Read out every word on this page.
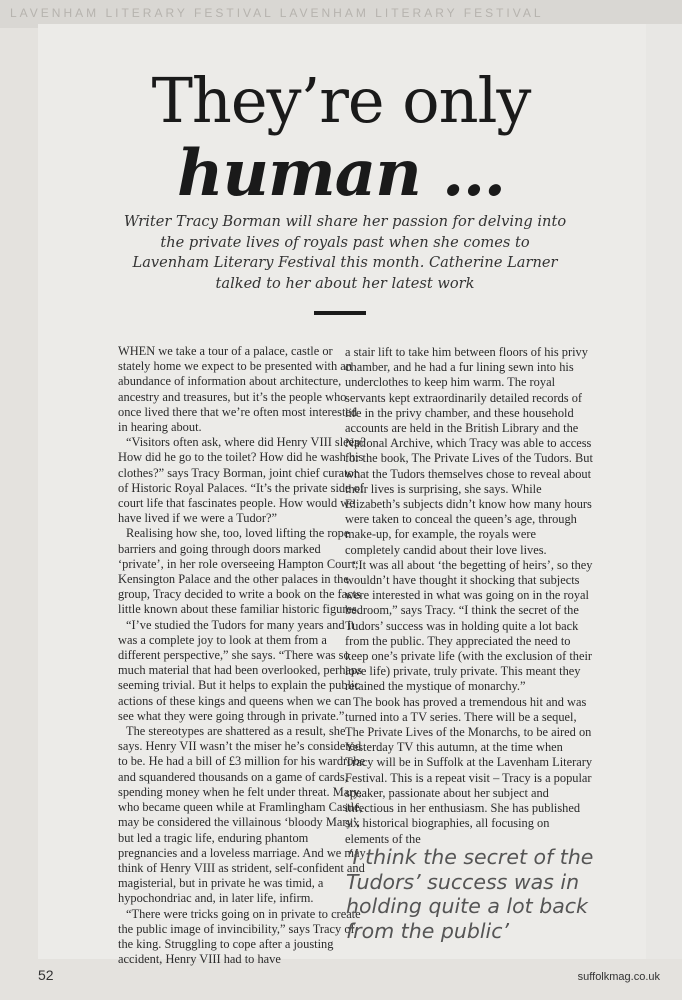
LAVENHAM LITERARY FESTIVAL LAVENHAM LITERARY FESTIVAL
They’re only
human …

Writer Tracy Borman will share her passion for delving into the private lives of royals past when she comes to Lavenham Literary Festival this month. Catherine Larner talked to her about her latest work

WHEN we take a tour of a palace, castle or stately home we expect to be presented with an abundance of information about architecture, ancestry and treasures, but it’s the people who once lived there that we’re often most interested in hearing about.

“Visitors often ask, where did Henry VIII sleep? How did he go to the toilet? How did he wash his clothes?” says Tracy Borman, joint chief curator of Historic Royal Palaces. “It’s the private side of court life that fascinates people. How would we have lived if we were a Tudor?”

Realising how she, too, loved lifting the rope barriers and going through doors marked ‘private’, in her role overseeing Hampton Court, Kensington Palace and the other palaces in the group, Tracy decided to write a book on the facts little known about these familiar historic figures.

“I’ve studied the Tudors for many years and it was a complete joy to look at them from a different perspective,” she says. “There was so much material that had been overlooked, perhaps seeming trivial. But it helps to explain the public actions of these kings and queens when we can see what they were going through in private.”

The stereotypes are shattered as a result, she says. Henry VII wasn’t the miser he’s considered to be. He had a bill of £3 million for his wardrobe and squandered thousands on a game of cards, spending money when he felt under threat. Mary, who became queen while at Framlingham Castle, may be considered the villainous ‘bloody Mary’, but led a tragic life, enduring phantom pregnancies and a loveless marriage. And we may think of Henry VIII as strident, self-confident and magisterial, but in private he was timid, a hypochondriac and, in later life, infirm.

“There were tricks going on in private to create the public image of invincibility,” says Tracy of the king. Struggling to cope after a jousting accident, Henry VIII had to have

a stair lift to take him between floors of his privy chamber, and he had a fur lining sewn into his underclothes to keep him warm. The royal servants kept extraordinarily detailed records of life in the privy chamber, and these household accounts are held in the British Library and the National Archive, which Tracy was able to access for the book, The Private Lives of the Tudors. But what the Tudors themselves chose to reveal about their lives is surprising, she says. While Elizabeth’s subjects didn’t know how many hours were taken to conceal the queen’s age, through make-up, for example, the royals were completely candid about their love lives.

“It was all about ‘the begetting of heirs’, so they wouldn’t have thought it shocking that subjects were interested in what was going on in the royal bedroom,” says Tracy. “I think the secret of the Tudors’ success was in holding quite a lot back from the public. They appreciated the need to keep one’s private life (with the exclusion of their love life) private, truly private. This meant they retained the mystique of monarchy.”

The book has proved a tremendous hit and was turned into a TV series. There will be a sequel, The Private Lives of the Monarchs, to be aired on Yesterday TV this autumn, at the time when Tracy will be in Suffolk at the Lavenham Literary Festival. This is a repeat visit – Tracy is a popular speaker, passionate about her subject and infectious in her enthusiasm. She has published six historical biographies, all focusing on elements of the

‘I think the secret of the Tudors’ success was in holding quite a lot back from the public’
52	suffolkmag.co.uk
